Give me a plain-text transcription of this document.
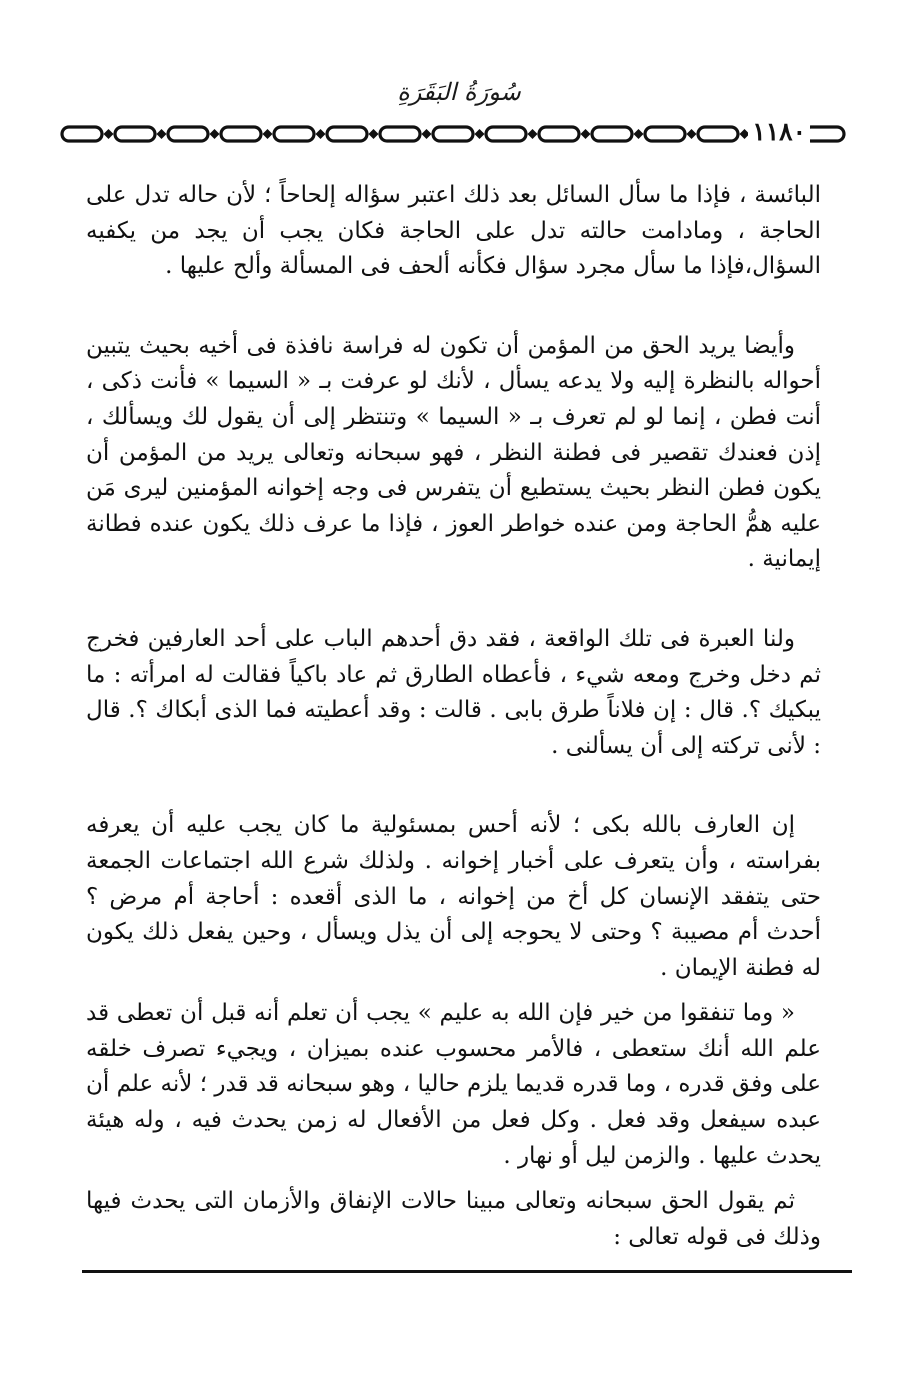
سُورَةُ البَقَرَةِ
١١٨٠

البائسة ، فإذا ما سأل السائل بعد ذلك اعتبر سؤاله إلحاحاً ؛ لأن حاله تدل على الحاجة ، ومادامت حالته تدل على الحاجة فكان يجب أن يجد من يكفيه السؤال،فإذا ما سأل مجرد سؤال فكأنه ألحف فى المسألة وألح عليها .

وأيضا يريد الحق من المؤمن أن تكون له فراسة نافذة فى أخيه بحيث يتبين أحواله بالنظرة إليه ولا يدعه يسأل ، لأنك لو عرفت بـ « السيما » فأنت ذكى ، أنت فطن ، إنما لو لم تعرف بـ « السيما » وتنتظر إلى أن يقول لك ويسألك ، إذن فعندك تقصير فى فطنة النظر ، فهو سبحانه وتعالى يريد من المؤمن أن يكون فطن النظر بحيث يستطيع أن يتفرس فى وجه إخوانه المؤمنين ليرى مَن عليه همُّ الحاجة ومن عنده خواطر العوز ، فإذا ما عرف ذلك يكون عنده فطانة إيمانية .

ولنا العبرة فى تلك الواقعة ، فقد دق أحدهم الباب على أحد العارفين فخرج ثم دخل وخرج ومعه شيء ، فأعطاه الطارق ثم عاد باكياً فقالت له امرأته : ما يبكيك ؟. قال : إن فلاناً طرق بابى . قالت : وقد أعطيته فما الذى أبكاك ؟. قال : لأنى تركته إلى أن يسألنى .

إن العارف بالله بكى ؛ لأنه أحس بمسئولية ما كان يجب عليه أن يعرفه بفراسته ، وأن يتعرف على أخبار إخوانه . ولذلك شرع الله اجتماعات الجمعة حتى يتفقد الإنسان كل أخ من إخوانه ، ما الذى أقعده : أحاجة أم مرض ؟ أحدث أم مصيبة ؟ وحتى لا يحوجه إلى أن يذل ويسأل ، وحين يفعل ذلك يكون له فطنة الإيمان .

« وما تنفقوا من خير فإن الله به عليم » يجب أن تعلم أنه قبل أن تعطى قد علم الله أنك ستعطى ، فالأمر محسوب عنده بميزان ، ويجيء تصرف خلقه على وفق قدره ، وما قدره قديما يلزم حاليا ، وهو سبحانه قد قدر ؛ لأنه علم أن عبده سيفعل وقد فعل . وكل فعل من الأفعال له زمن يحدث فيه ، وله هيئة يحدث عليها . والزمن ليل أو نهار .

ثم يقول الحق سبحانه وتعالى مبينا حالات الإنفاق والأزمان التى يحدث فيها وذلك فى قوله تعالى :
